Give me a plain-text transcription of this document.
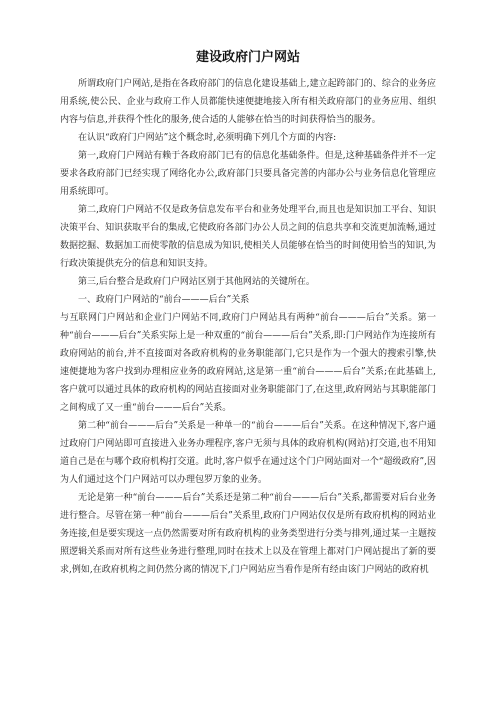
建设政府门户网站

所谓政府门户网站,是指在各政府部门的信息化建设基础上,建立起跨部门的、综合的业务应用系统,使公民、企业与政府工作人员都能快速便捷地接入所有相关政府部门的业务应用、组织内容与信息,并获得个性化的服务,使合适的人能够在恰当的时间获得恰当的服务。

在认识“政府门户网站”这个概念时,必须明确下列几个方面的内容:

第一,政府门户网站有赖于各政府部门已有的信息化基础条件。但是,这种基础条件并不一定要求各政府部门已经实现了网络化办公,政府部门只要具备完善的内部办公与业务信息化管理应用系统即可。

第二,政府门户网站不仅是政务信息发布平台和业务处理平台,而且也是知识加工平台、知识决策平台、知识获取平台的集成,它使政府各部门办公人员之间的信息共享和交流更加流畅,通过数据挖掘、数据加工而使零散的信息成为知识,使相关人员能够在恰当的时间使用恰当的知识,为行政决策提供充分的信息和知识支持。

第三,后台整合是政府门户网站区别于其他网站的关键所在。

一、政府门户网站的“前台———后台”关系

与互联网门户网站和企业门户网站不同,政府门户网站具有两种“前台———后台”关系。第一种“前台———后台”关系实际上是一种双重的“前台———后台”关系,即:门户网站作为连接所有政府网站的前台,并不直接面对各政府机构的业务职能部门,它只是作为一个强大的搜索引擎,快速便捷地为客户找到办理相应业务的政府网站,这是第一重“前台———后台”关系;在此基础上,客户就可以通过具体的政府机构的网站直接面对业务职能部门了,在这里,政府网站与其职能部门之间构成了又一重“前台———后台”关系。

第二种“前台———后台”关系是一种单一的“前台———后台”关系。在这种情况下,客户通过政府门户网站即可直接进入业务办理程序,客户无须与具体的政府机构(网站)打交道,也不用知道自己是在与哪个政府机构打交道。此时,客户似乎在通过这个门户网站面对一个“超级政府”,因为人们通过这个门户网站可以办理包罗万象的业务。

无论是第一种“前台———后台”关系还是第二种“前台———后台”关系,都需要对后台业务进行整合。尽管在第一种“前台———后台”关系里,政府门户网站仅仅是所有政府机构的网站业务连接,但是要实现这一点仍然需要对所有政府机构的业务类型进行分类与排列,通过某一主题按照逻辑关系而对所有这些业务进行整理,同时在技术上以及在管理上都对门户网站提出了新的要求,例如,在政府机构之间仍然分离的情况下,门户网站应当看作是所有经由该门户网站的政府机
